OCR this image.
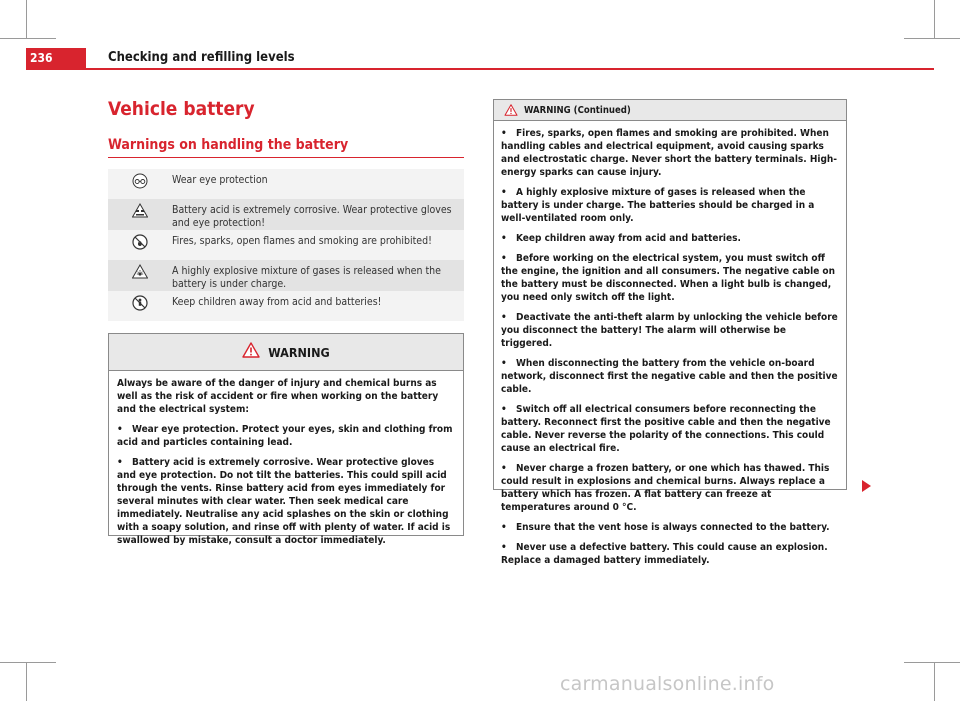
236	Checking and refilling levels
Vehicle battery
Warnings on handling the battery
Wear eye protection
Battery acid is extremely corrosive. Wear protective gloves and eye protection!
Fires, sparks, open flames and smoking are prohibited!
A highly explosive mixture of gases is released when the battery is under charge.
Keep children away from acid and batteries!
WARNING

Always be aware of the danger of injury and chemical burns as well as the risk of accident or fire when working on the battery and the electrical system:

• Wear eye protection. Protect your eyes, skin and clothing from acid and particles containing lead.

• Battery acid is extremely corrosive. Wear protective gloves and eye protection. Do not tilt the batteries. This could spill acid through the vents. Rinse battery acid from eyes immediately for several minutes with clear water. Then seek medical care immediately. Neutralise any acid splashes on the skin or clothing with a soapy solution, and rinse off with plenty of water. If acid is swallowed by mistake, consult a doctor immediately.

WARNING (Continued)

• Fires, sparks, open flames and smoking are prohibited. When handling cables and electrical equipment, avoid causing sparks and electrostatic charge. Never short the battery terminals. High-energy sparks can cause injury.

• A highly explosive mixture of gases is released when the battery is under charge. The batteries should be charged in a well-ventilated room only.

• Keep children away from acid and batteries.

• Before working on the electrical system, you must switch off the engine, the ignition and all consumers. The negative cable on the battery must be disconnected. When a light bulb is changed, you need only switch off the light.

• Deactivate the anti-theft alarm by unlocking the vehicle before you disconnect the battery! The alarm will otherwise be triggered.

• When disconnecting the battery from the vehicle on-board network, disconnect first the negative cable and then the positive cable.

• Switch off all electrical consumers before reconnecting the battery. Reconnect first the positive cable and then the negative cable. Never reverse the polarity of the connections. This could cause an electrical fire.

• Never charge a frozen battery, or one which has thawed. This could result in explosions and chemical burns. Always replace a battery which has frozen. A flat battery can freeze at temperatures around 0 °C.

• Ensure that the vent hose is always connected to the battery.

• Never use a defective battery. This could cause an explosion. Replace a damaged battery immediately.

carmanualsonline.info
